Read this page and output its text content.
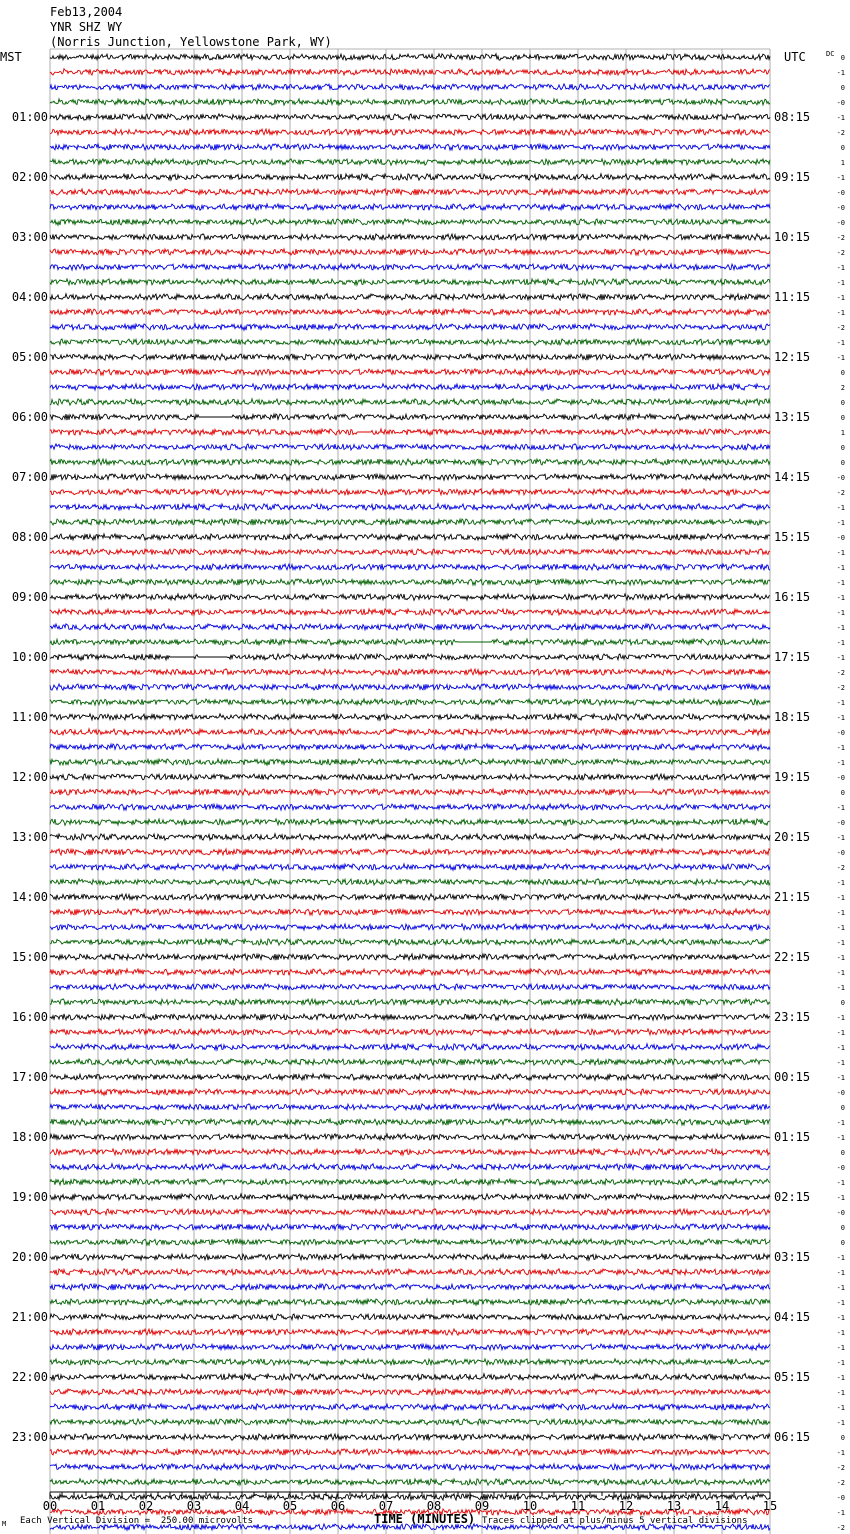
Feb13,2004
YNR SHZ WY
(Norris Junction, Yellowstone Park, WY)
MST	UTC	DC
00	01	02	03	04	05	06	07	08	09	10	11	12	13	14	15
01:00	08:15
02:00	09:15
03:00	10:15
04:00	11:15
05:00	12:15
06:00	13:15
07:00	14:15
08:00	15:15
09:00	16:15
10:00	17:15
11:00	18:15
12:00	19:15
13:00	20:15
14:00	21:15
15:00	22:15
16:00	23:15
17:00	00:15
18:00	01:15
19:00	02:15
20:00	03:15
21:00	04:15
22:00	05:15
23:00	06:15
0
-1
0
-0
-1
-2
0
1
-1
-0
-0
-0
-2
-2
-1
-1
-1
-1
-2
-1
-1
0
2
0
0
1
0
0
-0
-2
-1
-1
-0
-1
-1
-1
-1
-1
-1
-1
-1
-2
-2
-1
-1
-0
-1
-1
-0
0
-1
-0
-1
-0
-2
-1
-1
-1
-1
-1
-1
-1
-1
0
-1
-1
-1
-1
-1
-0
0
-1
-1
0
-0
-1
-1
-0
0
0
-1
-1
-1
-1
-1
-1
-1
-1
-1
-1
-1
-1
0
-1
-2
-2
-0
-1
-2
TIME (MINUTES)
Each Vertical Division =  250.00 microvolts	Traces clipped at plus/minus 5 vertical divisions
M
